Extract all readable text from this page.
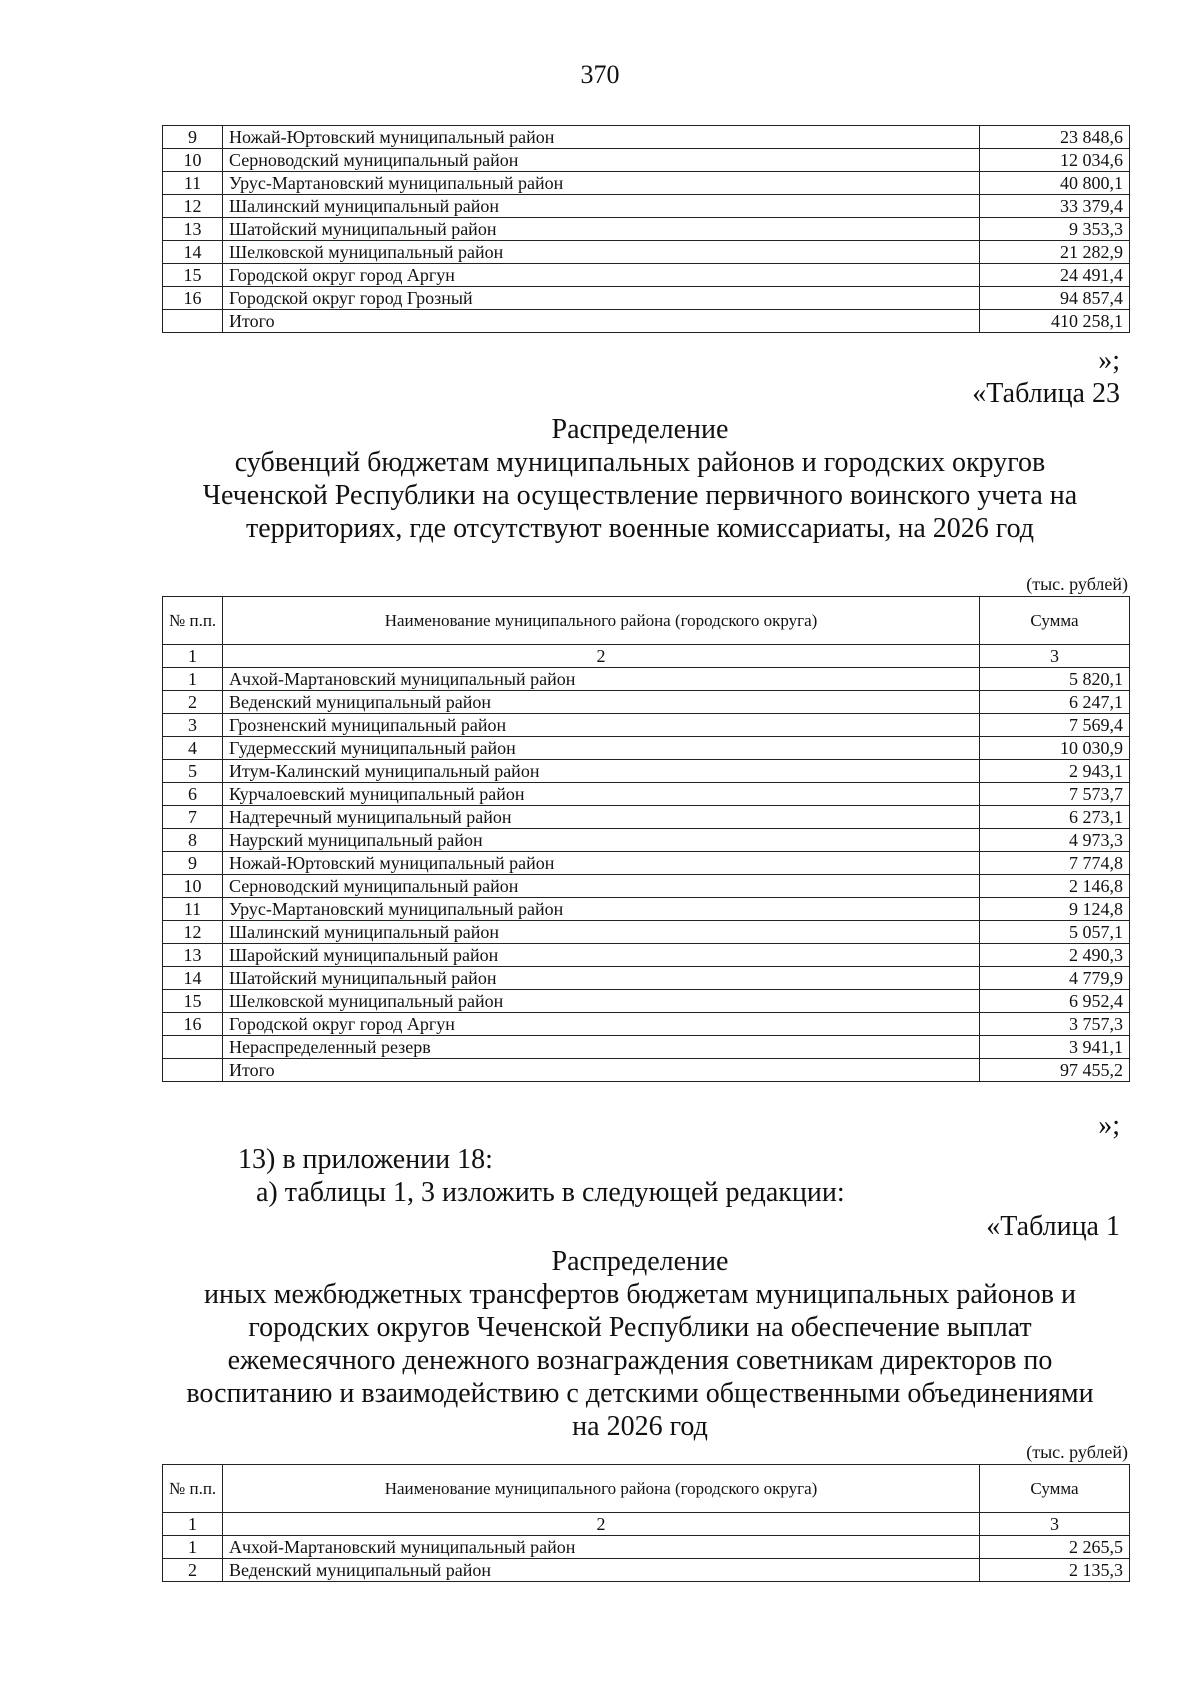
370
9	Ножай-Юртовский муниципальный район	23 848,6
10	Серноводский муниципальный район	12 034,6
11	Урус-Мартановский муниципальный район	40 800,1
12	Шалинский муниципальный район	33 379,4
13	Шатойский муниципальный район	9 353,3
14	Шелковской муниципальный район	21 282,9
15	Городской округ город Аргун	24 491,4
16	Городской округ город Грозный	94 857,4
	Итого	410 258,1
»;
«Таблица 23
Распределение
субвенций бюджетам муниципальных районов и городских округов
Чеченской Республики на осуществление первичного воинского учета на
территориях, где отсутствуют военные комиссариаты, на 2026 год
(тыс. рублей)
№ п.п.	Наименование муниципального района (городского округа)	Сумма
1	2	3
1	Ачхой-Мартановский муниципальный район	5 820,1
2	Веденский муниципальный район	6 247,1
3	Грозненский муниципальный район	7 569,4
4	Гудермесский муниципальный район	10 030,9
5	Итум-Калинский муниципальный район	2 943,1
6	Курчалоевский муниципальный район	7 573,7
7	Надтеречный муниципальный район	6 273,1
8	Наурский муниципальный район	4 973,3
9	Ножай-Юртовский муниципальный район	7 774,8
10	Серноводский муниципальный район	2 146,8
11	Урус-Мартановский муниципальный район	9 124,8
12	Шалинский муниципальный район	5 057,1
13	Шаройский муниципальный район	2 490,3
14	Шатойский муниципальный район	4 779,9
15	Шелковской муниципальный район	6 952,4
16	Городской округ город Аргун	3 757,3
	Нераспределенный резерв	3 941,1
	Итого	97 455,2
»;
13) в приложении 18:
а) таблицы 1, 3 изложить в следующей редакции:
«Таблица 1
Распределение
иных межбюджетных трансфертов бюджетам муниципальных районов и
городских округов Чеченской Республики на обеспечение выплат
ежемесячного денежного вознаграждения советникам директоров по
воспитанию и взаимодействию с детскими общественными объединениями
на 2026 год
(тыс. рублей)
№ п.п.	Наименование муниципального района (городского округа)	Сумма
1	2	3
1	Ачхой-Мартановский муниципальный район	2 265,5
2	Веденский муниципальный район	2 135,3
